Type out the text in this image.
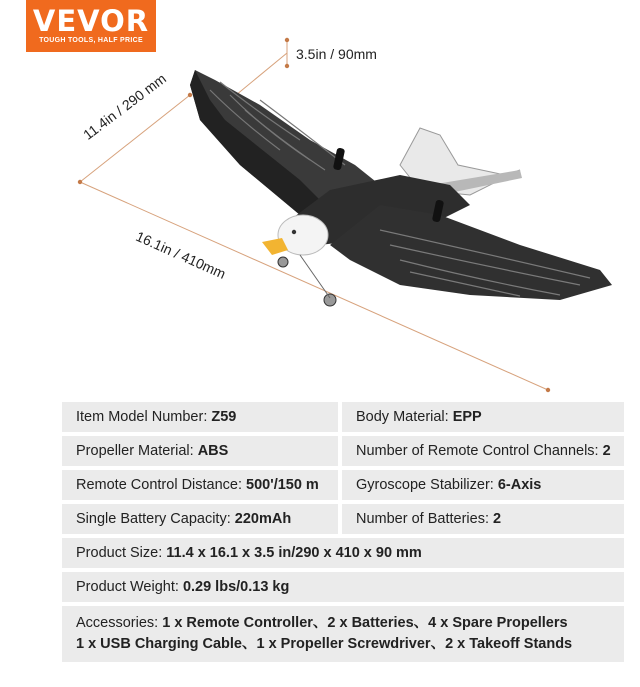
VEVOR
TOUGH TOOLS, HALF PRICE
3.5in / 90mm
11.4in / 290 mm
16.1in / 410mm
Item Model Number: Z59	Body Material: EPP
Propeller Material: ABS	Number of Remote Control Channels: 2
Remote Control Distance: 500'/150 m	Gyroscope Stabilizer: 6-Axis
Single Battery Capacity: 220mAh	Number of Batteries: 2
Product Size: 11.4 x 16.1 x 3.5 in/290 x 410 x 90 mm
Product Weight: 0.29 lbs/0.13 kg
Accessories: 1 x Remote Controller、2 x Batteries、4 x Spare Propellers
1 x USB Charging Cable、1 x Propeller Screwdriver、2 x Takeoff Stands
